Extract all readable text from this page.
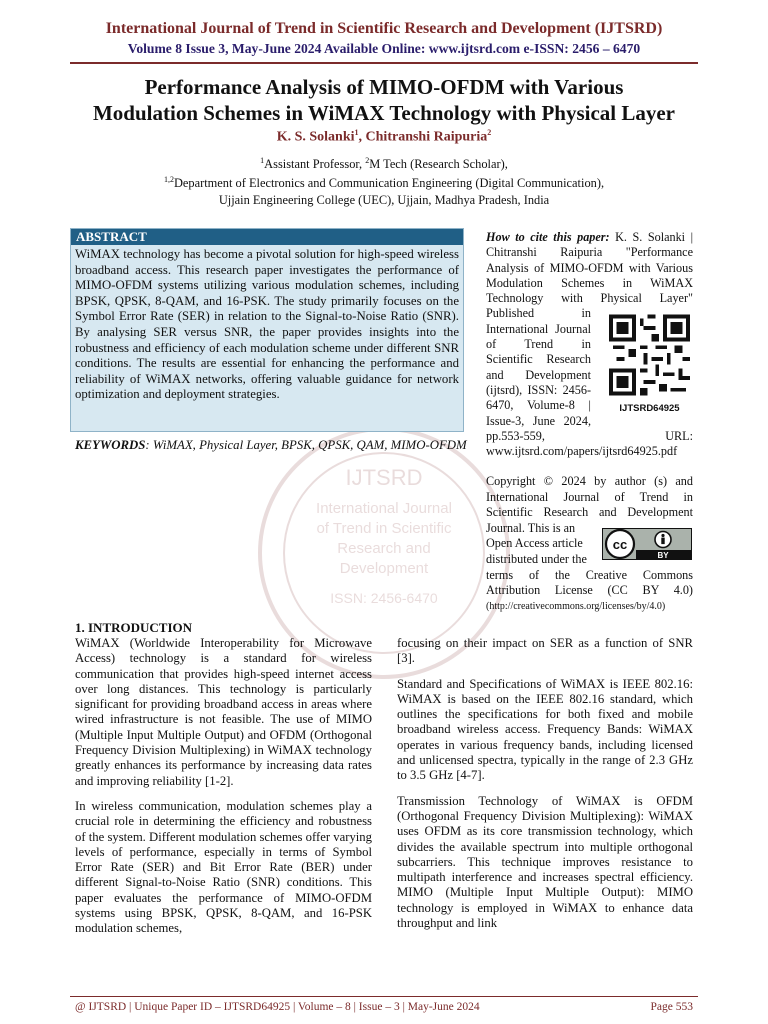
International Journal of Trend in Scientific Research and Development (IJTSRD)
Volume 8 Issue 3, May-June 2024 Available Online: www.ijtsrd.com e-ISSN: 2456 – 6470
Performance Analysis of MIMO-OFDM with Various
Modulation Schemes in WiMAX Technology with Physical Layer
K. S. Solanki$^1$, Chitranshi Raipuria$^2$
$^1$Assistant Professor, $^2$M Tech (Research Scholar),
$^{1,2}$Department of Electronics and Communication Engineering (Digital Communication),
Ujjain Engineering College (UEC), Ujjain, Madhya Pradesh, India
IJTSRD
International Journal
of Trend in Scientific
Research and
Development
ISSN: 2456-6470
ABSTRACT
WiMAX technology has become a pivotal solution for high-speed wireless broadband access. This research paper investigates the performance of MIMO-OFDM systems utilizing various modulation schemes, including BPSK, QPSK, 8-QAM, and 16-PSK. The study primarily focuses on the Symbol Error Rate (SER) in relation to the Signal-to-Noise Ratio (SNR). By analysing SER versus SNR, the paper provides insights into the robustness and efficiency of each modulation scheme under different SNR conditions. The results are essential for enhancing the performance and reliability of WiMAX networks, offering valuable guidance for network optimization and deployment strategies.
KEYWORDS: WiMAX, Physical Layer, BPSK, QPSK, QAM, MIMO-OFDM
How to cite this paper: K. S. Solanki |
Chitranshi Raipuria "Performance
Analysis of MIMO-OFDM with Various
Modulation Schemes in WiMAX
Technology with Physical Layer"
Published in
International Journal
of Trend in
Scientific Research
and Development
(ijtsrd), ISSN: 2456-
6470, Volume-8 |
Issue-3, June 2024,
pp.553-559, URL:
www.ijtsrd.com/papers/ijtsrd64925.pdf
IJTSRD64925
Copyright © 2024 by author (s) and
International Journal of Trend in
Scientific Research and Development
Journal. This is an
Open Access article
distributed under the
terms of the Creative Commons
Attribution License (CC BY 4.0)
(http://creativecommons.org/licenses/by/4.0)
cc
BY
1. INTRODUCTION

WiMAX (Worldwide Interoperability for Microwave Access) technology is a standard for wireless communication that provides high-speed internet access over long distances. This technology is particularly significant for providing broadband access in areas where wired infrastructure is not feasible. The use of MIMO (Multiple Input Multiple Output) and OFDM (Orthogonal Frequency Division Multiplexing) in WiMAX technology greatly enhances its performance by increasing data rates and improving reliability [1-2].

In wireless communication, modulation schemes play a crucial role in determining the efficiency and robustness of the system. Different modulation schemes offer varying levels of performance, especially in terms of Symbol Error Rate (SER) and Bit Error Rate (BER) under different Signal-to-Noise Ratio (SNR) conditions. This paper evaluates the performance of MIMO-OFDM systems using BPSK, QPSK, 8-QAM, and 16-PSK modulation schemes,

focusing on their impact on SER as a function of SNR [3].

Standard and Specifications of WiMAX is IEEE 802.16: WiMAX is based on the IEEE 802.16 standard, which outlines the specifications for both fixed and mobile broadband wireless access. Frequency Bands: WiMAX operates in various frequency bands, including licensed and unlicensed spectra, typically in the range of 2.3 GHz to 3.5 GHz [4-7].

Transmission Technology of WiMAX is OFDM (Orthogonal Frequency Division Multiplexing): WiMAX uses OFDM as its core transmission technology, which divides the available spectrum into multiple orthogonal subcarriers. This technique improves resistance to multipath interference and increases spectral efficiency. MIMO (Multiple Input Multiple Output): MIMO technology is employed in WiMAX to enhance data throughput and link

@ IJTSRD | Unique Paper ID – IJTSRD64925 | Volume – 8 | Issue – 3 | May-June 2024	Page 553
